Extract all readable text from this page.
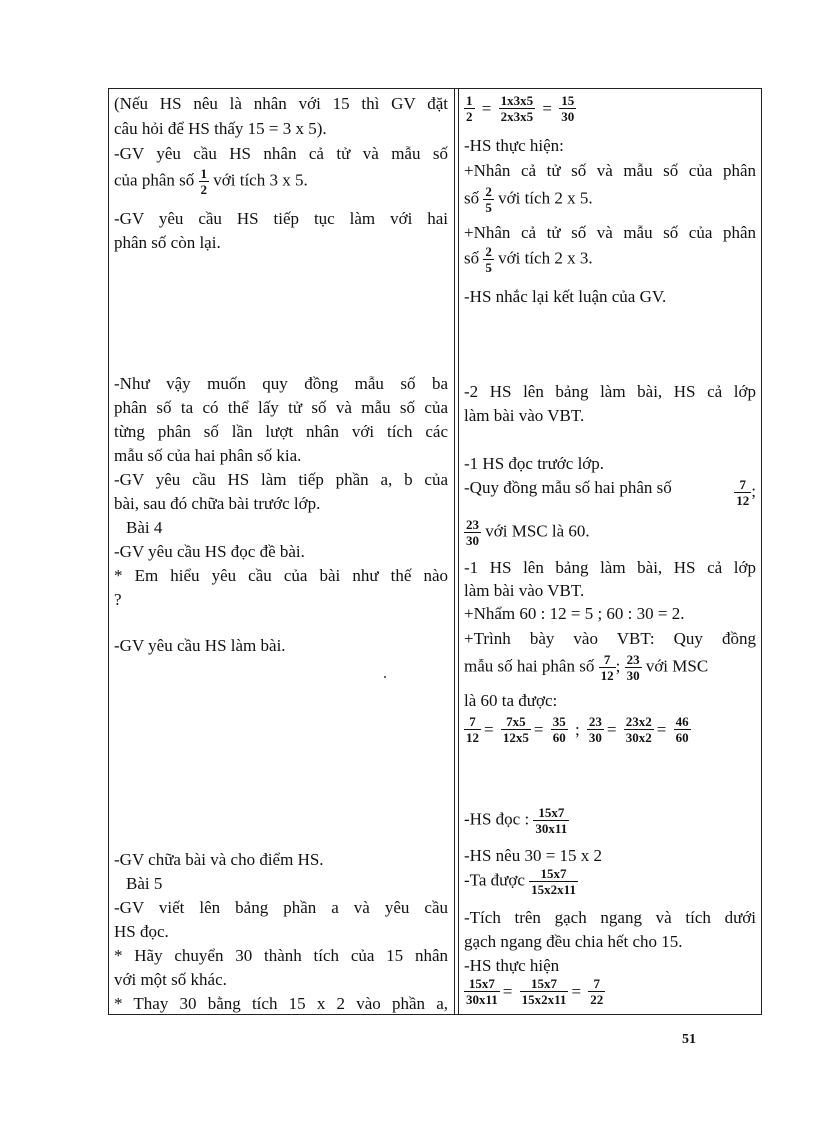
(Nếu HS nêu là nhân với 15 thì GV đặt
câu hỏi để HS thấy 15 = 3 x 5).
-GV yêu cầu HS nhân cả tử và mẫu số
của phân số $\frac{1}{2}$ với tích 3 x 5.
-GV yêu cầu HS tiếp tục làm với hai
phân số còn lại.
-Như vậy muốn quy đồng mẫu số ba
phân số ta có thể lấy tử số và mẫu số của
từng phân số lần lượt nhân với tích các
mẫu số của hai phân số kia.
-GV yêu cầu HS làm tiếp phần a, b của
bài, sau đó chữa bài trước lớp.
Bài 4
-GV yêu cầu HS đọc đề bài.
* Em hiểu yêu cầu của bài như thế nào
?
-GV yêu cầu HS làm bài.
-GV chữa bài và cho điểm HS.
Bài 5
-GV viết lên bảng phần a và yêu cầu
HS đọc.
* Hãy chuyển 30 thành tích của 15 nhân
với một số khác.
* Thay 30 bằng tích 15 x 2 vào phần a,
$\frac{1}{2} = \frac{1x3x5}{2x3x5} = \frac{15}{30}$
-HS thực hiện:
+Nhân cả tử số và mẫu số của phân
số $\frac{2}{5}$ với tích 2 x 5.
+Nhân cả tử số và mẫu số của phân
số $\frac{2}{5}$ với tích 2 x 3.
-HS nhắc lại kết luận của GV.
-2 HS lên bảng làm bài, HS cả lớp
làm bài vào VBT.
-1 HS đọc trước lớp.
-Quy đồng mẫu số hai phân số	$\frac{7}{12}$ ;
$\frac{23}{30}$ với MSC là 60.
-1 HS lên bảng làm bài, HS cả lớp
làm bài vào VBT.
+Nhẩm 60 : 12 = 5 ; 60 : 30 = 2.
+Trình bày vào VBT: Quy đồng
mẫu số hai phân số $\frac{7}{12}$ ; $\frac{23}{30}$ với MSC
là 60 ta được:
$\frac{7}{12} = \frac{7x5}{12x5} = \frac{35}{60}$ ; $\frac{23}{30} = \frac{23x2}{30x2} = \frac{46}{60}$
-HS đọc : $\frac{15x7}{30x11}$
-HS nêu 30 = 15 x 2
-Ta được $\frac{15x7}{15x2x11}$
-Tích trên gạch ngang và tích dưới
gạch ngang đều chia hết cho 15.
-HS thực hiện
$\frac{15x7}{30x11} = \frac{15x7}{15x2x11} = \frac{7}{22}$
51
